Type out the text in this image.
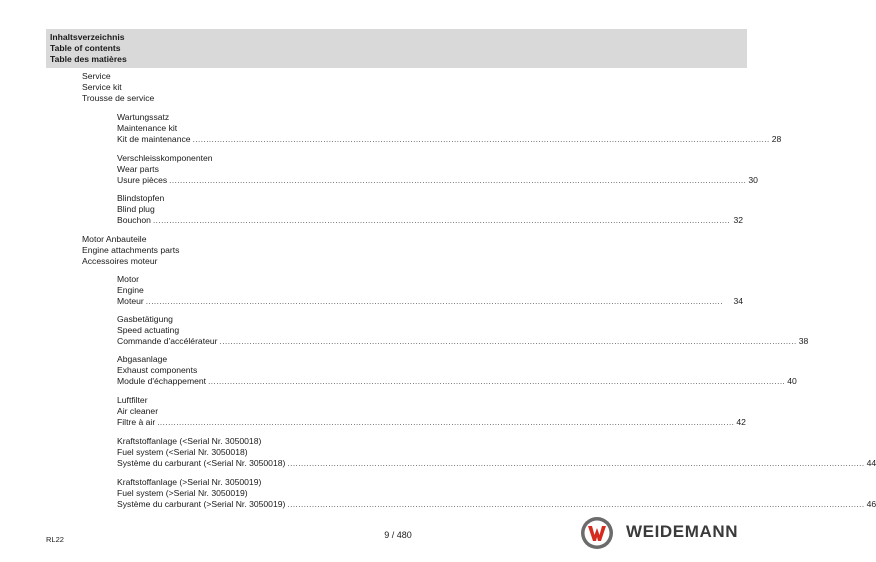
Inhaltsverzeichnis
Table of contents
Table des matières
Service
Service kit
Trousse de service
Wartungssatz
Maintenance kit
Kit de maintenance .................................................................................................................................................................................................................... 28
Verschleisskomponenten
Wear parts
Usure pièces .................................................................................................................................................................................................................... 30
Blindstopfen
Blind plug
Bouchon .................................................................................................................................................................................................................... 32
Motor Anbauteile
Engine attachments parts
Accessoires moteur
Motor
Engine
Moteur ....................................................................................................................................................................................................................	34
Gasbetätigung
Speed actuating
Commande d'accélérateur .................................................................................................................................................................................................................... 38
Abgasanlage
Exhaust components
Module d'échappement .................................................................................................................................................................................................................... 40
Luftfilter
Air cleaner
Filtre à air .................................................................................................................................................................................................................... 42
Kraftstoffanlage (<Serial Nr. 3050018)
Fuel system (<Serial Nr. 3050018)
Système du carburant (<Serial Nr. 3050018) .................................................................................................................................................................................................................... 44
Kraftstoffanlage (>Serial Nr. 3050019)
Fuel system (>Serial Nr. 3050019)
Système du carburant (>Serial Nr. 3050019) .................................................................................................................................................................................................................... 46
RL22	9 / 480	WEIDEMANN
